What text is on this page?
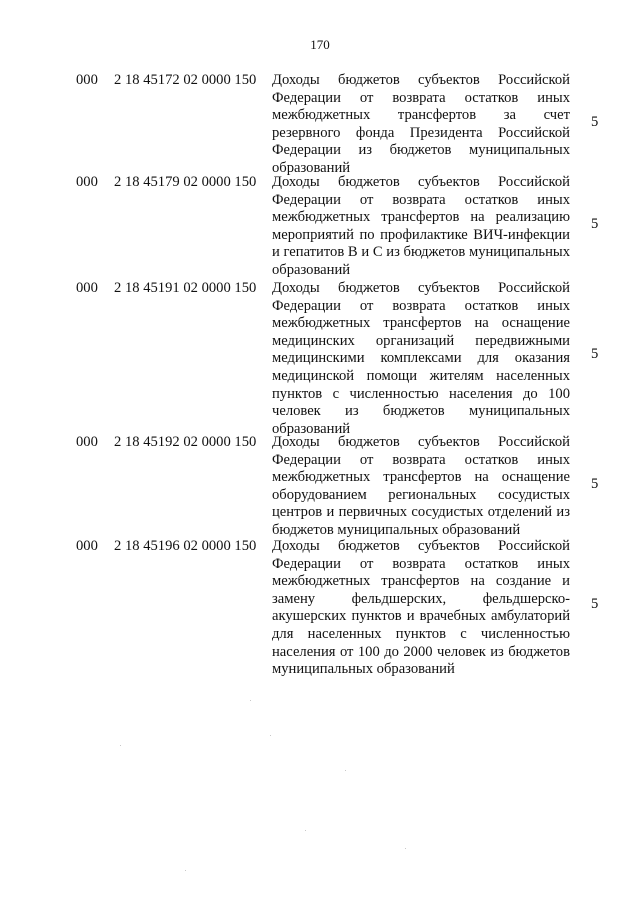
170
000 2 18 45172 02 0000 150 Доходы бюджетов субъектов Российской Федерации от возврата остатков иных межбюджетных трансфертов за счет резервного фонда Президента Российской Федерации из бюджетов муниципальных образований
5
000 2 18 45179 02 0000 150 Доходы бюджетов субъектов Российской Федерации от возврата остатков иных межбюджетных трансфертов на реализацию мероприятий по профилактике ВИЧ-инфекции и гепатитов В и С из бюджетов муниципальных образований
5
000 2 18 45191 02 0000 150 Доходы бюджетов субъектов Российской Федерации от возврата остатков иных межбюджетных трансфертов на оснащение медицинских организаций передвижными медицинскими комплексами для оказания медицинской помощи жителям населенных пунктов с численностью населения до 100 человек из бюджетов муниципальных образований
5
000 2 18 45192 02 0000 150 Доходы бюджетов субъектов Российской Федерации от возврата остатков иных межбюджетных трансфертов на оснащение оборудованием региональных сосудистых центров и первичных сосудистых отделений из бюджетов муниципальных образований
5
000 2 18 45196 02 0000 150 Доходы бюджетов субъектов Российской Федерации от возврата остатков иных межбюджетных трансфертов на создание и замену фельдшерских, фельдшерско-акушерских пунктов и врачебных амбулаторий для населенных пунктов с численностью населения от 100 до 2000 человек из бюджетов муниципальных образований
5
